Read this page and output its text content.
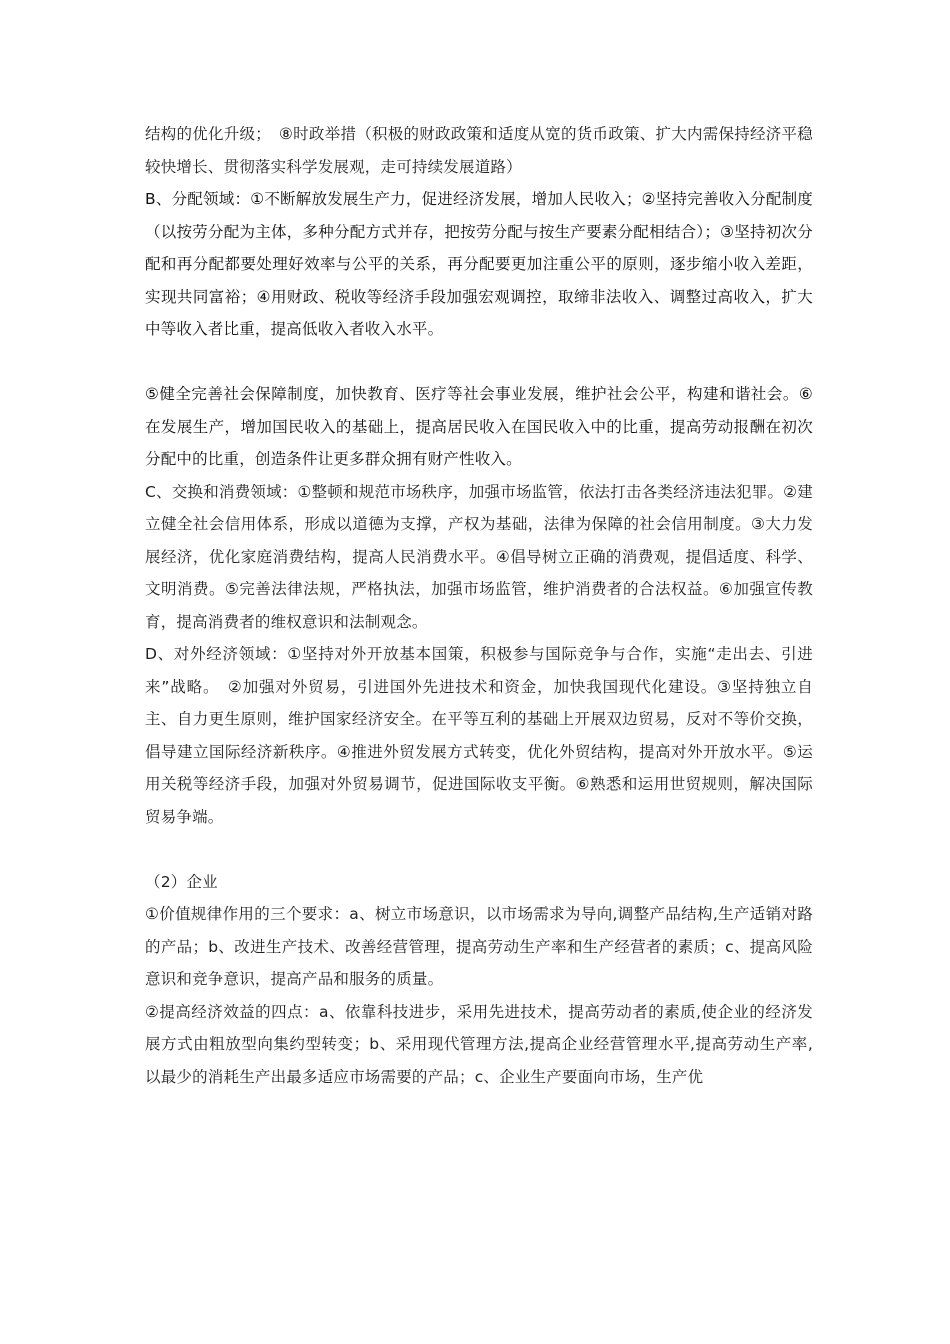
结构的优化升级；　⑧时政举措（积极的财政政策和适度从宽的货币政策、扩大内需保持经济平稳较快增长、贯彻落实科学发展观，走可持续发展道路）

B、分配领域：①不断解放发展生产力，促进经济发展，增加人民收入；②坚持完善收入分配制度（以按劳分配为主体，多种分配方式并存，把按劳分配与按生产要素分配相结合）；③坚持初次分配和再分配都要处理好效率与公平的关系，再分配要更加注重公平的原则，逐步缩小收入差距，实现共同富裕；④用财政、税收等经济手段加强宏观调控，取缔非法收入、调整过高收入，扩大中等收入者比重，提高低收入者收入水平。

⑤健全完善社会保障制度，加快教育、医疗等社会事业发展，维护社会公平，构建和谐社会。⑥在发展生产，增加国民收入的基础上，提高居民收入在国民收入中的比重，提高劳动报酬在初次分配中的比重，创造条件让更多群众拥有财产性收入。

C、交换和消费领域：①整顿和规范市场秩序，加强市场监管，依法打击各类经济违法犯罪。②建立健全社会信用体系，形成以道德为支撑，产权为基础，法律为保障的社会信用制度。③大力发展经济，优化家庭消费结构，提高人民消费水平。④倡导树立正确的消费观，提倡适度、科学、文明消费。⑤完善法律法规，严格执法，加强市场监管，维护消费者的合法权益。⑥加强宣传教育，提高消费者的维权意识和法制观念。

D、对外经济领域：①坚持对外开放基本国策，积极参与国际竞争与合作，实施“走出去、引进来”战略。　②加强对外贸易，引进国外先进技术和资金，加快我国现代化建设。③坚持独立自主、自力更生原则，维护国家经济安全。在平等互利的基础上开展双边贸易，反对不等价交换，倡导建立国际经济新秩序。④推进外贸发展方式转变，优化外贸结构，提高对外开放水平。⑤运用关税等经济手段，加强对外贸易调节，促进国际收支平衡。⑥熟悉和运用世贸规则，解决国际贸易争端。

（2）企业

①价值规律作用的三个要求：a、树立市场意识，以市场需求为导向,调整产品结构,生产适销对路的产品；b、改进生产技术、改善经营管理，提高劳动生产率和生产经营者的素质；c、提高风险意识和竞争意识，提高产品和服务的质量。

②提高经济效益的四点：a、依靠科技进步，采用先进技术，提高劳动者的素质,使企业的经济发展方式由粗放型向集约型转变；b、采用现代管理方法,提高企业经营管理水平,提高劳动生产率,以最少的消耗生产出最多适应市场需要的产品；c、企业生产要面向市场，生产优
